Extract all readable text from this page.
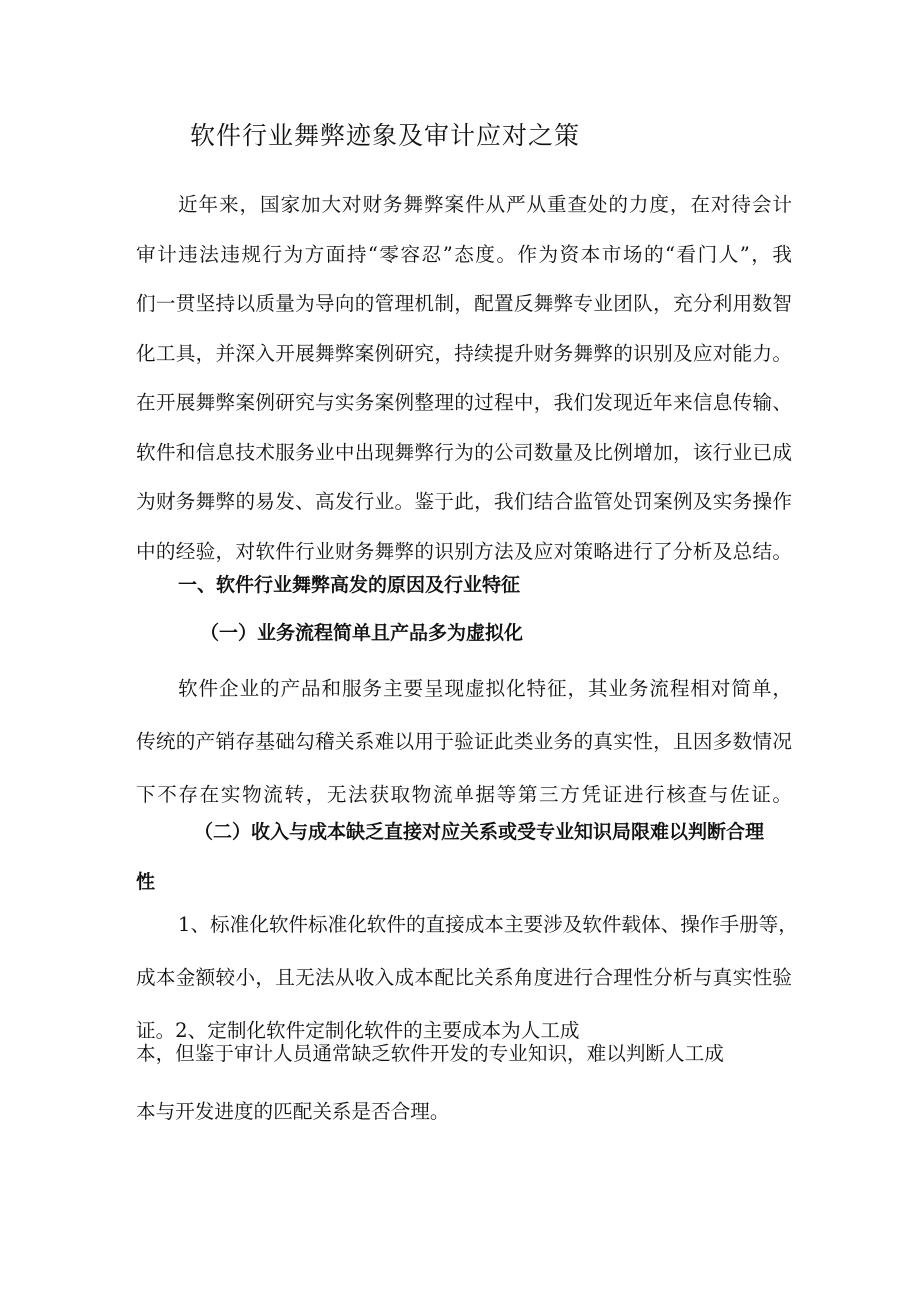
软件行业舞弊迹象及审计应对之策
近年来，国家加大对财务舞弊案件从严从重查处的力度，在对待会计
审计违法违规行为方面持“零容忍”态度。作为资本市场的“看门人”，我
们一贯坚持以质量为导向的管理机制，配置反舞弊专业团队，充分利用数智
化工具，并深入开展舞弊案例研究，持续提升财务舞弊的识别及应对能力。
在开展舞弊案例研究与实务案例整理的过程中，我们发现近年来信息传输、
软件和信息技术服务业中出现舞弊行为的公司数量及比例增加，该行业已成
为财务舞弊的易发、高发行业。鉴于此，我们结合监管处罚案例及实务操作
中的经验，对软件行业财务舞弊的识别方法及应对策略进行了分析及总结。
一、软件行业舞弊高发的原因及行业特征
（一）业务流程简单且产品多为虚拟化
软件企业的产品和服务主要呈现虚拟化特征，其业务流程相对简单，
传统的产销存基础勾稽关系难以用于验证此类业务的真实性，且因多数情况
下不存在实物流转，无法获取物流单据等第三方凭证进行核查与佐证。
（二）收入与成本缺乏直接对应关系或受专业知识局限难以判断合理
性
1、标准化软件标准化软件的直接成本主要涉及软件载体、操作手册等，
成本金额较小，且无法从收入成本配比关系角度进行合理性分析与真实性验
证。2、定制化软件定制化软件的主要成本为人工成
本，但鉴于审计人员通常缺乏软件开发的专业知识，难以判断人工成
本与开发进度的匹配关系是否合理。
